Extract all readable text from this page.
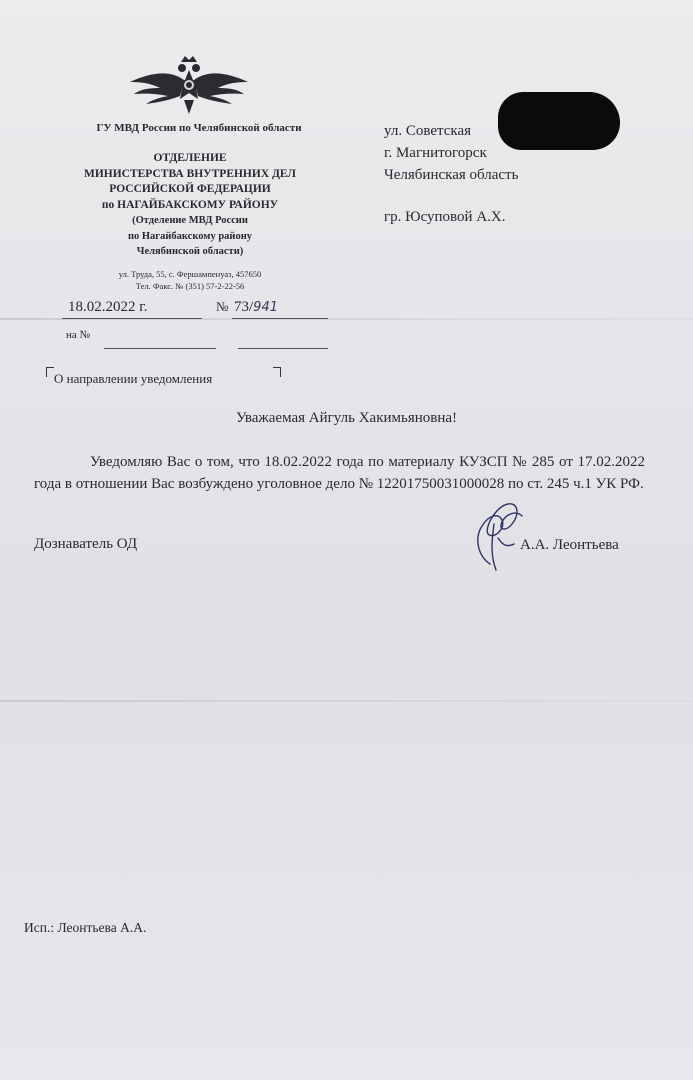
ГУ МВД России по Челябинской области
ОТДЕЛЕНИЕ
МИНИСТЕРСТВА ВНУТРЕННИХ ДЕЛ
РОССИЙСКОЙ ФЕДЕРАЦИИ
по НАГАЙБАКСКОМУ РАЙОНУ
(Отделение МВД России
по Нагайбакскому району
Челябинской области)
ул. Труда, 55, с. Фершампенуаз, 457650
Тел. Факс. № (351) 57-2-22-56
ул. Советская
г. Магнитогорск
Челябинская область
гр. Юсуповой А.Х.
18.02.2022 г.	№ 73/941
на №
О направлении уведомления
Уважаемая Айгуль Хакимьяновна!
Уведомляю Вас о том, что 18.02.2022 года по материалу КУЗСП № 285 от 17.02.2022 года в отношении Вас возбуждено уголовное дело № 12201750031000028 по ст. 245 ч.1 УК РФ.
Дознаватель ОД	А.А. Леонтьева
Исп.: Леонтьева А.А.
